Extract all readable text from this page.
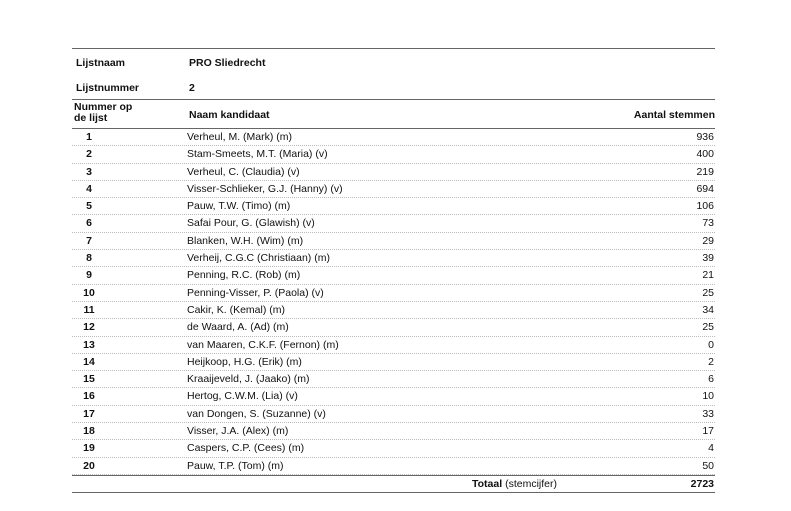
Lijstnaam	PRO Sliedrecht
Lijstnummer	2
Nummer op de lijst	Naam kandidaat	Aantal stemmen
1	Verheul, M. (Mark) (m)	936
2	Stam-Smeets, M.T. (Maria) (v)	400
3	Verheul, C. (Claudia) (v)	219
4	Visser-Schlieker, G.J. (Hanny) (v)	694
5	Pauw, T.W. (Timo) (m)	106
6	Safai Pour, G. (Glawish) (v)	73
7	Blanken, W.H. (Wim) (m)	29
8	Verheij, C.G.C (Christiaan) (m)	39
9	Penning, R.C. (Rob) (m)	21
10	Penning-Visser, P. (Paola) (v)	25
11	Cakir, K. (Kemal) (m)	34
12	de Waard, A. (Ad) (m)	25
13	van Maaren, C.K.F. (Fernon) (m)	0
14	Heijkoop, H.G. (Erik) (m)	2
15	Kraaijeveld, J. (Jaako) (m)	6
16	Hertog, C.W.M. (Lia) (v)	10
17	van Dongen, S. (Suzanne) (v)	33
18	Visser, J.A. (Alex) (m)	17
19	Caspers, C.P. (Cees) (m)	4
20	Pauw, T.P. (Tom) (m)	50
Totaal (stemcijfer)	2723
